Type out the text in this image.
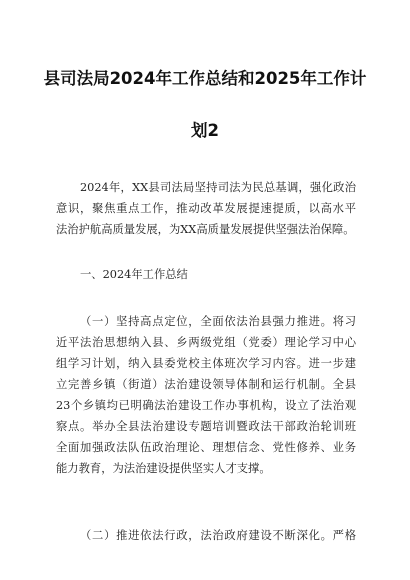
县司法局2024年工作总结和2025年工作计
划2
2024年，XX县司法局坚持司法为民总基调，强化政治
意识，聚焦重点工作，推动改革发展提速提质，以高水平
法治护航高质量发展，为XX高质量发展提供坚强法治保障。
一、2024年工作总结
（一）坚持高点定位，全面依法治县强力推进。将习
近平法治思想纳入县、乡两级党组（党委）理论学习中心
组学习计划，纳入县委党校主体班次学习内容。进一步建
立完善乡镇（街道）法治建设领导体制和运行机制。全县
23个乡镇均已明确法治建设工作办事机构，设立了法治观
察点。举办全县法治建设专题培训暨政法干部政治轮训班
全面加强政法队伍政治理论、理想信念、党性修养、业务
能力教育，为法治建设提供坚实人才支撑。
（二）推进依法行政，法治政府建设不断深化。严格
